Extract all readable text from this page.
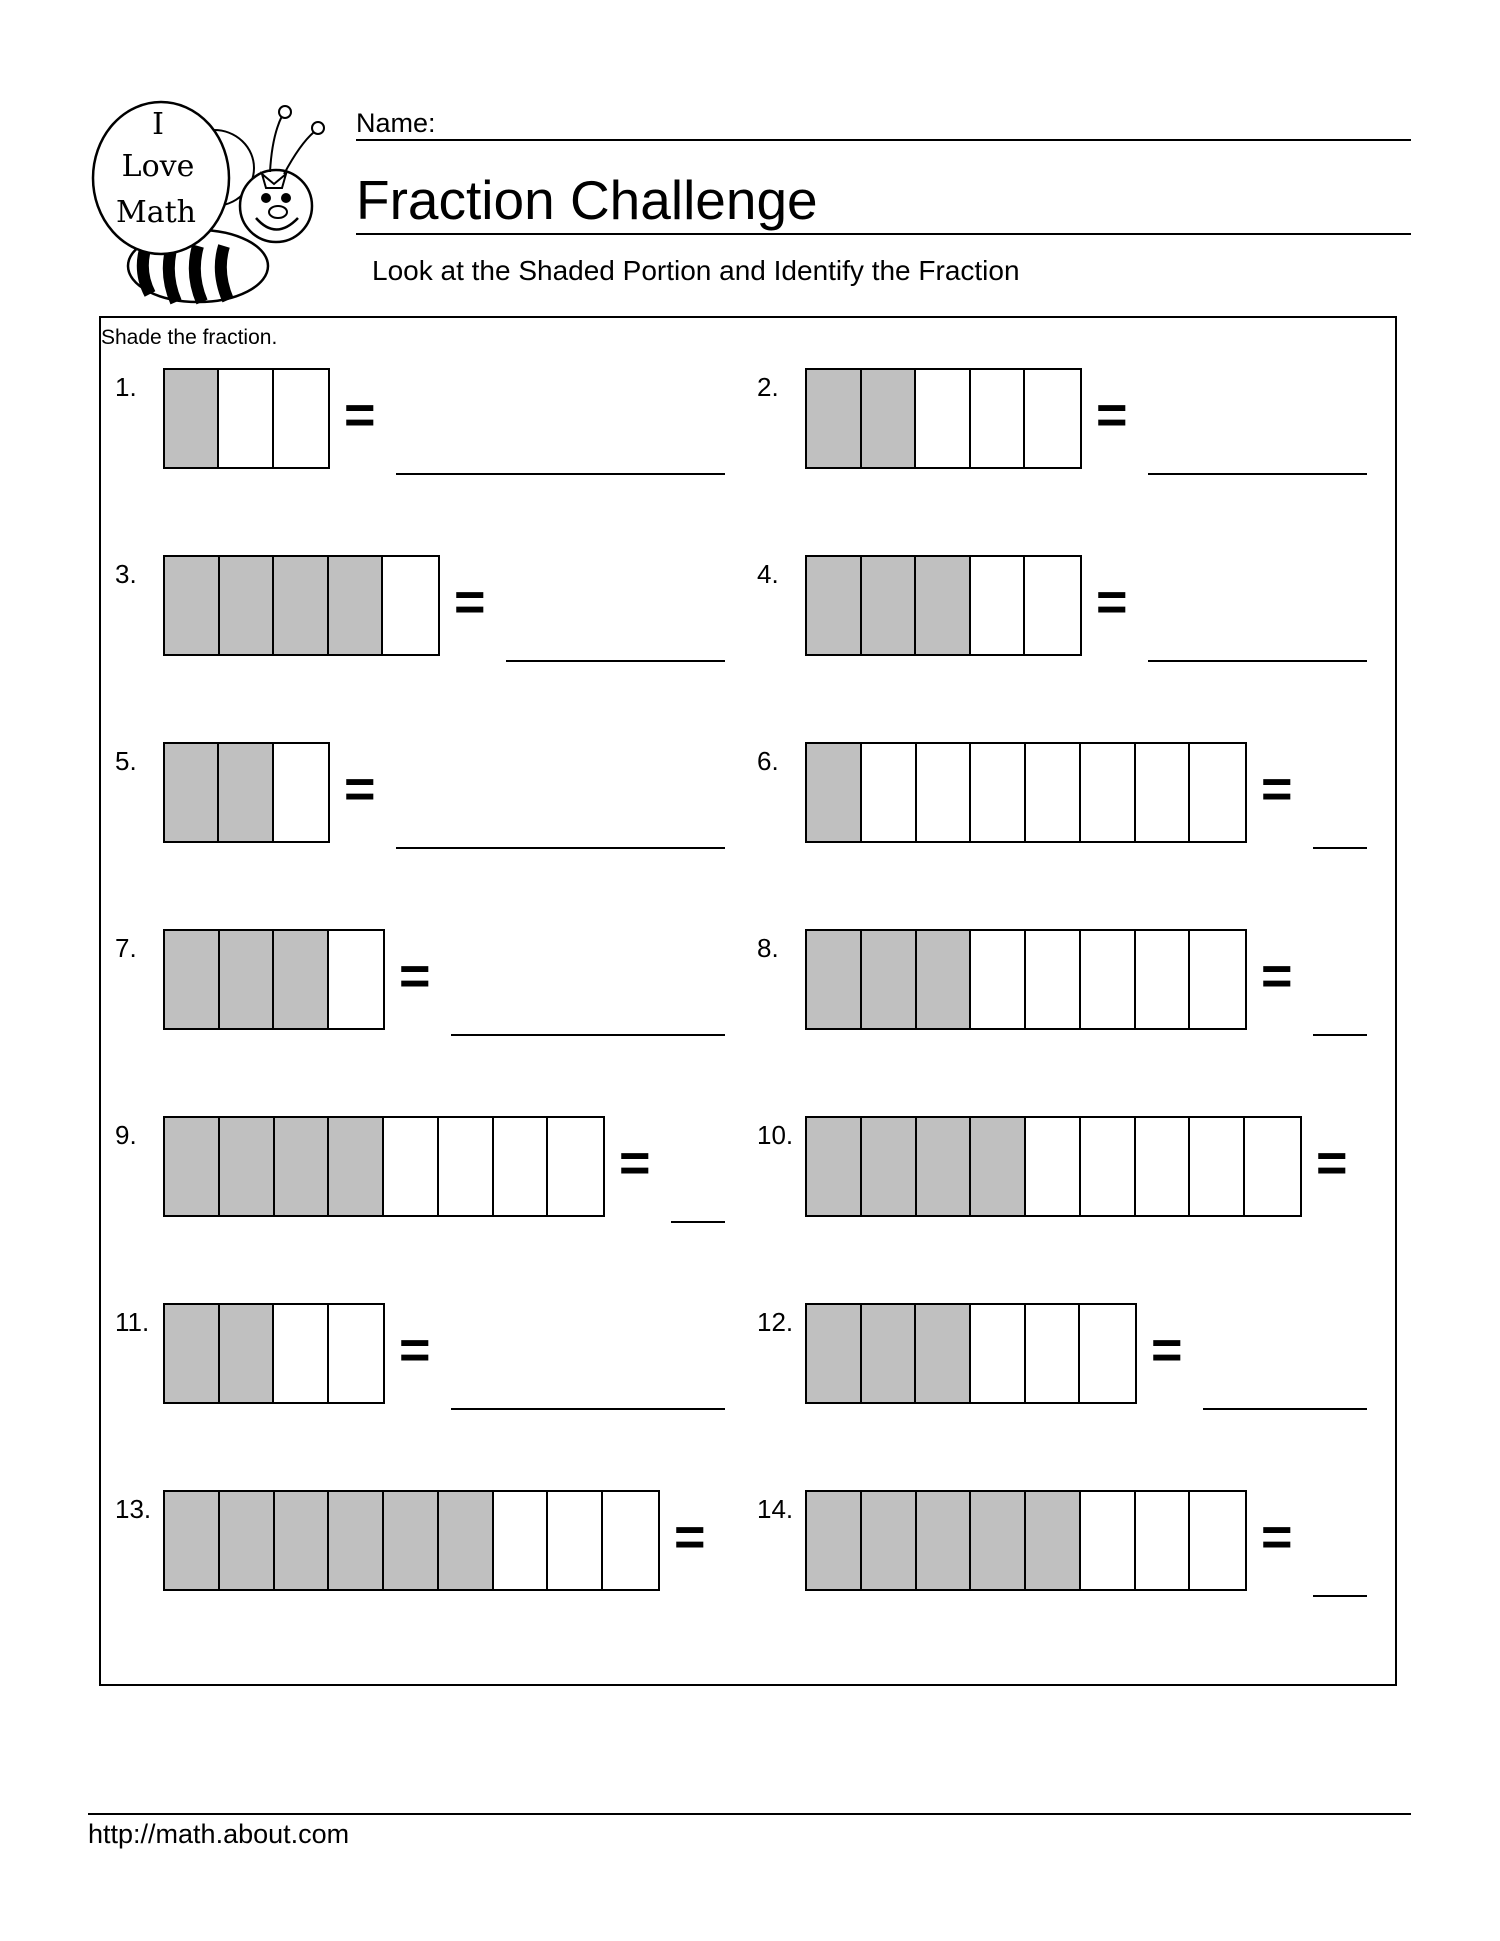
I
Love
Math
Name:
Fraction Challenge
Look at the Shaded Portion and Identify the Fraction
Shade the fraction.
1.	=	2.	=
3.	=	4.	=
5.	=	6.	=
7.	=	8.	=
9.	=	10.	=
11.	=	12.	=
13.	= 14.	=
http://math.about.com
